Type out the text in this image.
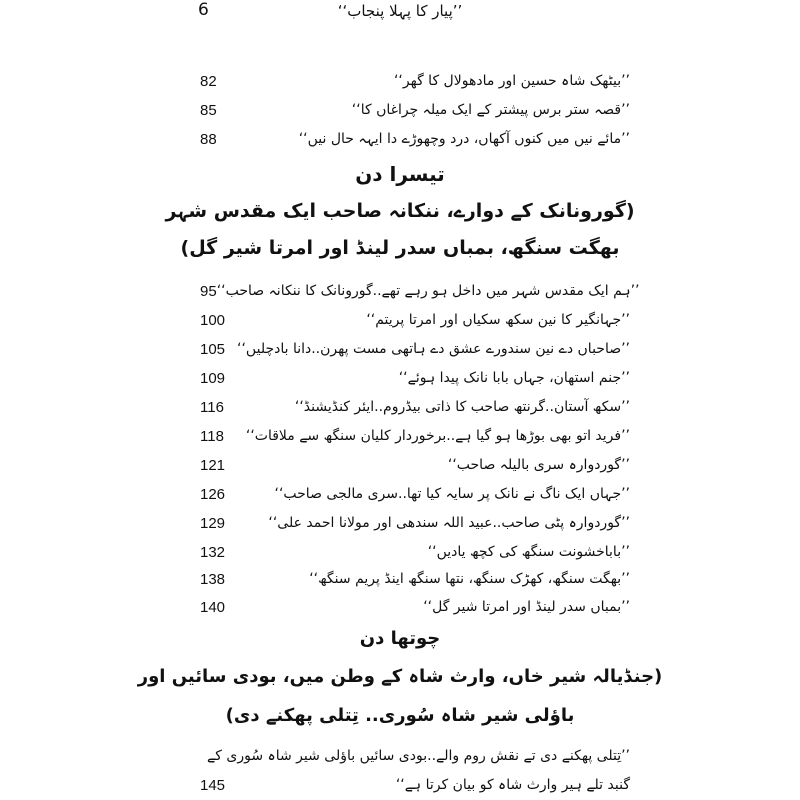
’’پیار کا پہلا پنجاب‘‘
6
82	’’بیٹھک شاہ حسین اور مادھولال کا گھر‘‘
85	’’قصہ ستر برس پیشتر کے ایک میلہ چراغاں کا‘‘
88	’’مائے نیں میں کنوں آکھاں، درد وچھوڑے دا ایہہ حال نیں‘‘
تیسرا دن
(گورونانک کے دوارے، ننکانہ صاحب ایک مقدس شہر
بھگت سنگھ، بمباں سدر لینڈ اور امرتا شیر گل)
95 ’’ہم ایک مقدس شہر میں داخل ہو رہے تھے..گورونانک کا ننکانہ صاحب‘‘
100	’’جہانگیر کا نین سکھ سکیاں اور امرتا پریتم‘‘
105 ’’صاحباں دے نین سندورے عشق دے ہاتھی مست پھرن..دانا بادچلیں‘‘
109	’’جنم استھان، جہاں بابا نانک پیدا ہوئے‘‘
116	’’سکھ آستان..گرنتھ صاحب کا ذاتی بیڈروم..ایئر کنڈیشنڈ‘‘
118	’’فرید اتو بھی بوڑھا ہو گیا ہے..برخوردار کلیان سنگھ سے ملاقات‘‘
121	’’گوردوارہ سری بالیلہ صاحب‘‘
126	’’جہاں ایک ناگ نے نانک پر سایہ کیا تھا..سری مالجی صاحب‘‘
129	’’گوردوارہ پٹی صاحب..عبید اللہ سندھی اور مولانا احمد علی‘‘
132	’’باباخشونت سنگھ کی کچھ یادیں‘‘
138	’’بھگت سنگھ، کھڑک سنگھ، نتھا سنگھ اینڈ پریم سنگھ‘‘
140	’’بمباں سدر لینڈ اور امرتا شیر گل‘‘
چوتھا دن
(جنڈیالہ شیر خاں، وارث شاہ کے وطن میں، بودی سائیں اور
باؤلی شیر شاہ سُوری.. تِتلی پھکنے دی)
’’تِتلی پھکنے دی تے نقش روم والے..بودی سائیں باؤلی شیر شاہ سُوری کے
145	گنبد تلے ہیر وارث شاہ کو بیان کرتا ہے‘‘
